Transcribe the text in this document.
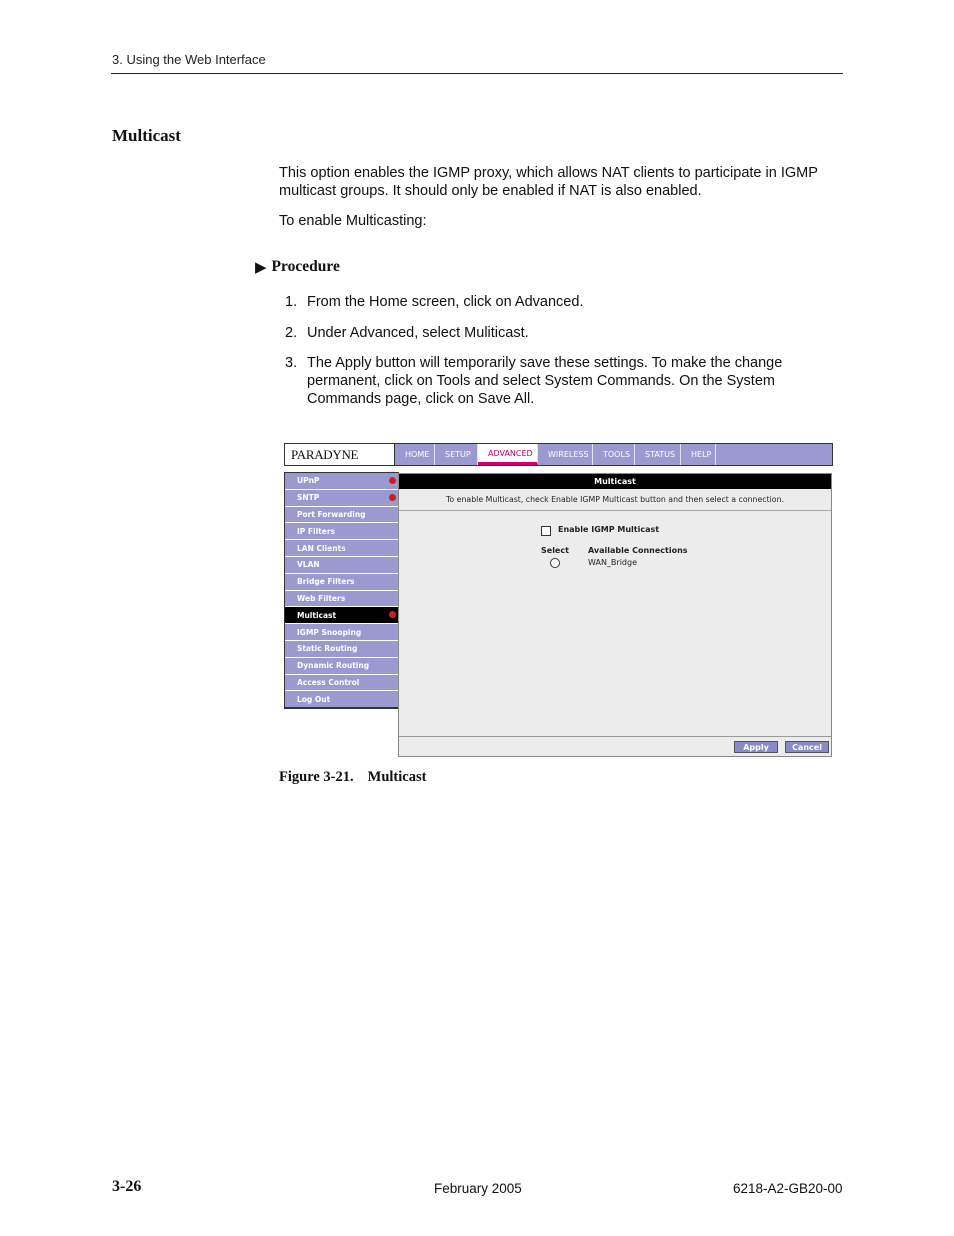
3. Using the Web Interface
Multicast
This option enables the IGMP proxy, which allows NAT clients to participate in IGMP multicast groups. It should only be enabled if NAT is also enabled.
To enable Multicasting:
▶ Procedure
1. From the Home screen, click on Advanced.
2. Under Advanced, select Muliticast.
3. The Apply button will temporarily save these settings. To make the change permanent, click on Tools and select System Commands. On the System Commands page, click on Save All.
PARADYNE	HOME	SETUP	ADVANCED	WIRELESS	TOOLS	STATUS	HELP
UPnP
SNTP
Port Forwarding
IP Filters
LAN Clients
VLAN
Bridge Filters
Web Filters
Multicast
IGMP Snooping
Static Routing
Dynamic Routing
Access Control
Log Out
Multicast
To enable Multicast, check Enable IGMP Multicast button and then select a connection.
Enable IGMP Multicast
Select Available Connections
WAN_Bridge
Apply	Cancel
Figure 3-21. Multicast
3-26	February 2005	6218-A2-GB20-00
